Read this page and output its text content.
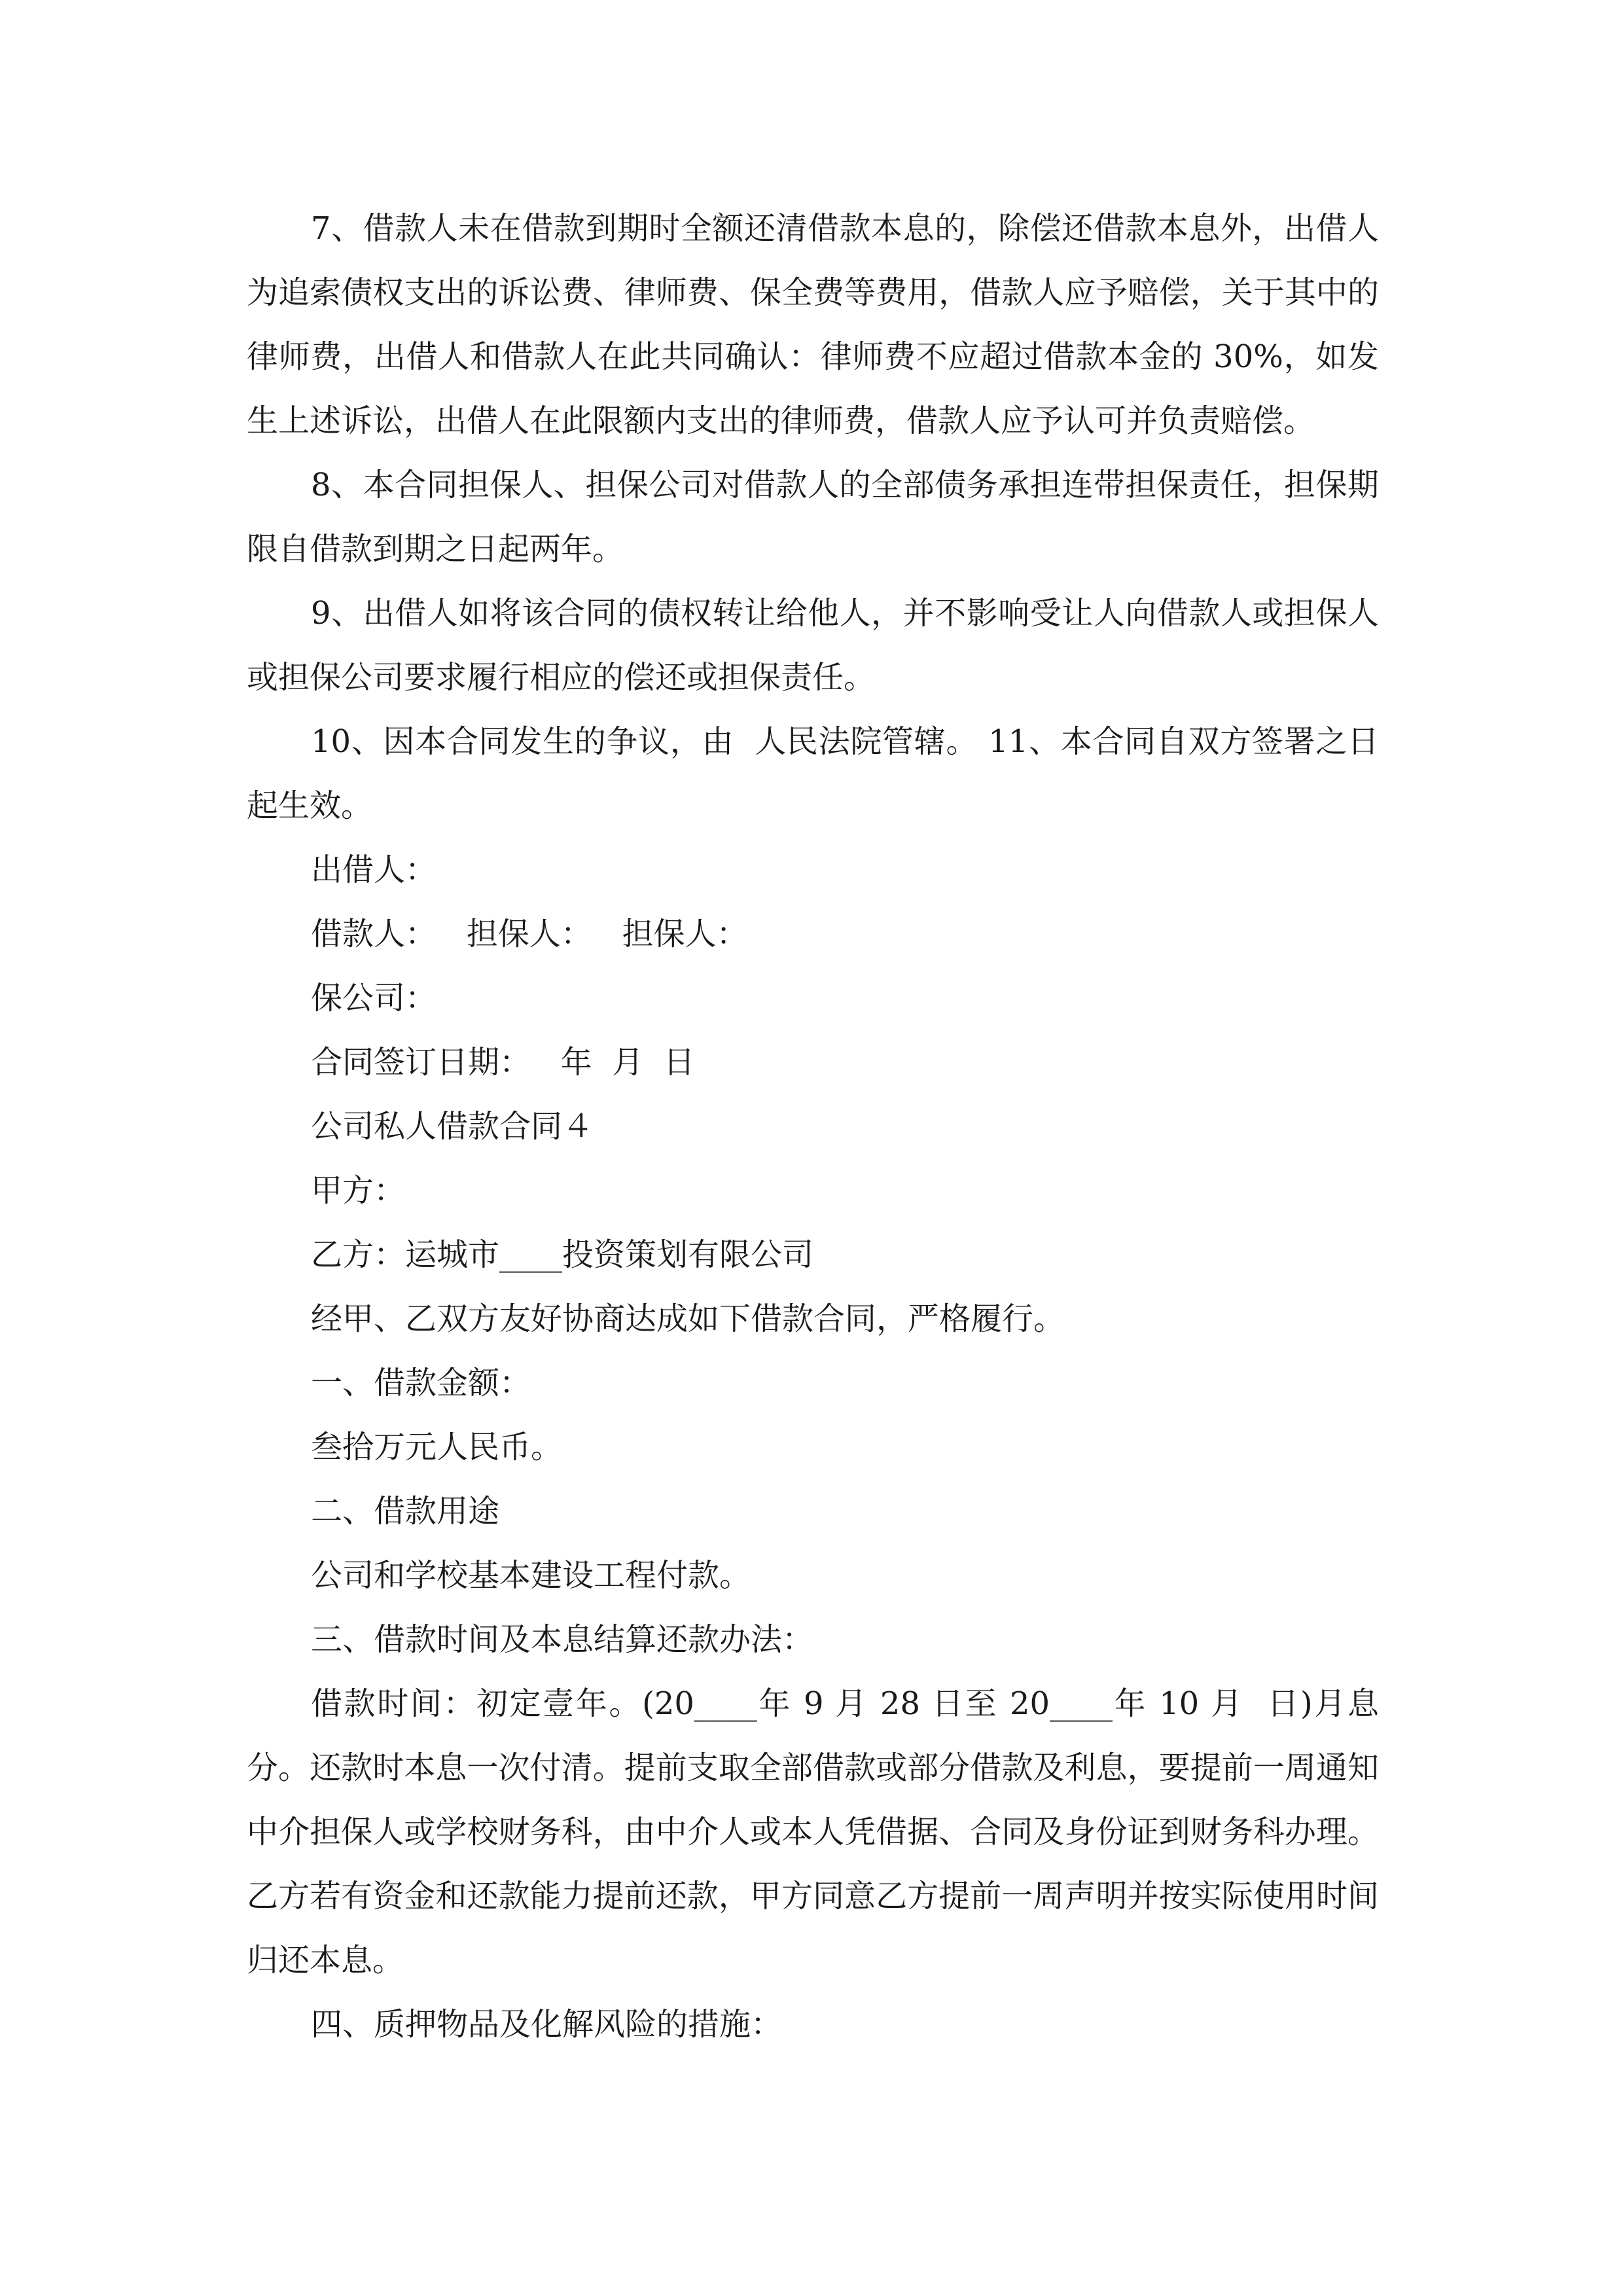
7、借款人未在借款到期时全额还清借款本息的，除偿还借款本息外，出借人为追索债权支出的诉讼费、律师费、保全费等费用，借款人应予赔偿，关于其中的律师费，出借人和借款人在此共同确认：律师费不应超过借款本金的 30%，如发生上述诉讼，出借人在此限额内支出的律师费，借款人应予认可并负责赔偿。

8、本合同担保人、担保公司对借款人的全部债务承担连带担保责任，担保期限自借款到期之日起两年。

9、出借人如将该合同的债权转让给他人，并不影响受让人向借款人或担保人或担保公司要求履行相应的偿还或担保责任。

10、因本合同发生的争议，由  人民法院管辖。 11、本合同自双方签署之日起生效。

出借人：

借款人：   担保人：   担保人：

保公司：

合同签订日期：   年  月  日

公司私人借款合同４

甲方：

乙方：运城市____投资策划有限公司

经甲、乙双方友好协商达成如下借款合同，严格履行。

一、借款金额：

叁拾万元人民币。

二、借款用途

公司和学校基本建设工程付款。

三、借款时间及本息结算还款办法：

借款时间：初定壹年。(20____年 9 月 28 日至 20____年 10 月  日)月息  分。还款时本息一次付清。提前支取全部借款或部分借款及利息，要提前一周通知中介担保人或学校财务科，由中介人或本人凭借据、合同及身份证到财务科办理。乙方若有资金和还款能力提前还款，甲方同意乙方提前一周声明并按实际使用时间归还本息。

四、质押物品及化解风险的措施：
